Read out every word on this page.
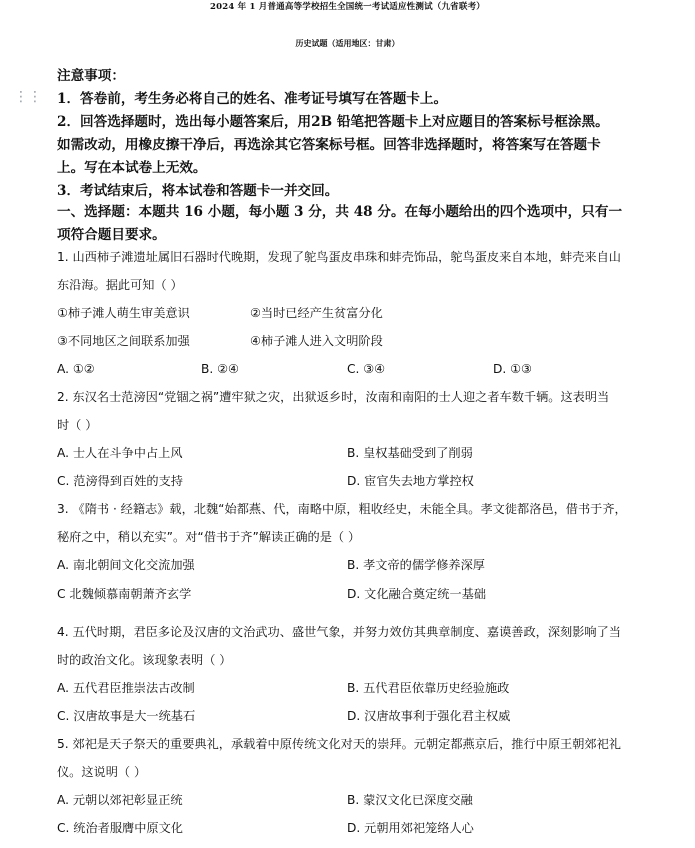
2024 年 1 月普通高等学校招生全国统一考试适应性测试（九省联考）
历史试题（适用地区：甘肃）
⋮⋮
注意事项：
1．答卷前，考生务必将自己的姓名、准考证号填写在答题卡上。
2．回答选择题时，选出每小题答案后，用2B 铅笔把答题卡上对应题目的答案标号框涂黑。
如需改动，用橡皮擦干净后，再选涂其它答案标号框。回答非选择题时，将答案写在答题卡
上。写在本试卷上无效。
3．考试结束后，将本试卷和答题卡一并交回。
一、选择题：本题共 16 小题，每小题 3 分，共 48 分。在每小题给出的四个选项中，只有一
项符合题目要求。
1. 山西柿子滩遗址属旧石器时代晚期，发现了鸵鸟蛋皮串珠和蚌壳饰品，鸵鸟蛋皮来自本地，蚌壳来自山
东沿海。据此可知（ ）
①柿子滩人萌生审美意识	②当时已经产生贫富分化
③不同地区之间联系加强	④柿子滩人进入文明阶段
A. ①②	B. ②④	C. ③④	D. ①③
2. 东汉名士范滂因“党锢之祸”遭牢狱之灾，出狱返乡时，汝南和南阳的士人迎之者车数千辆。这表明当
时（ ）
A. 士人在斗争中占上风	B. 皇权基础受到了削弱
C. 范滂得到百姓的支持	D. 宦官失去地方掌控权
3. 《隋书 · 经籍志》载，北魏“始都燕、代，南略中原，粗收经史，未能全具。孝文徙都洛邑，借书于齐，
秘府之中，稍以充实”。对“借书于齐”解读正确的是（ ）
A. 南北朝间文化交流加强	B. 孝文帝的儒学修养深厚
C 北魏倾慕南朝萧齐玄学	D. 文化融合奠定统一基础
4. 五代时期，君臣多论及汉唐的文治武功、盛世气象，并努力效仿其典章制度、嘉谟善政，深刻影响了当
时的政治文化。该现象表明（ ）
A. 五代君臣推崇法古改制	B. 五代君臣依靠历史经验施政
C. 汉唐故事是大一统基石	D. 汉唐故事利于强化君主权威
5. 郊祀是天子祭天的重要典礼，承载着中原传统文化对天的崇拜。元朝定都燕京后，推行中原王朝郊祀礼
仪。这说明（ ）
A. 元朝以郊祀彰显正统	B. 蒙汉文化已深度交融
C. 统治者服膺中原文化	D. 元朝用郊祀笼络人心
